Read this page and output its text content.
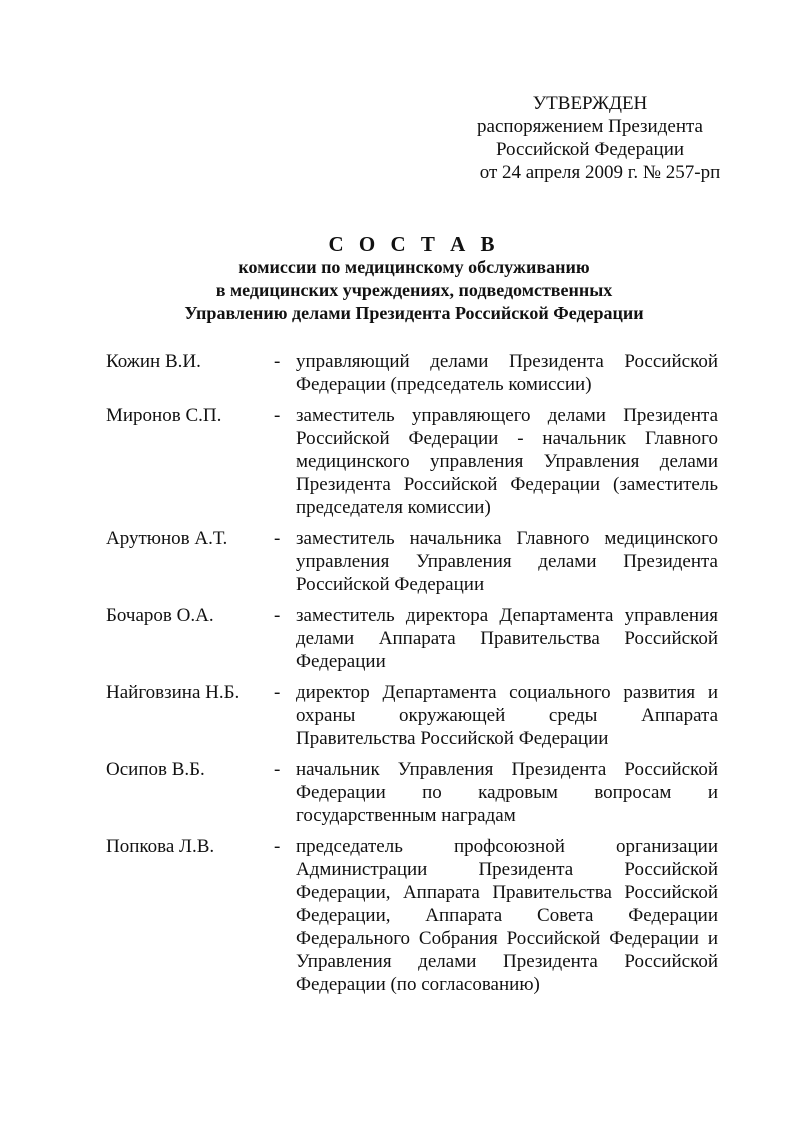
УТВЕРЖДЕН
распоряжением Президента
Российской Федерации
от 24 апреля 2009 г. № 257-рп
С О С Т А В
комиссии по медицинскому обслуживанию
в медицинских учреждениях, подведомственных
Управлению делами Президента Российской Федерации
Кожин В.И.	- управляющий делами Президента Российской Федерации (председатель комиссии)
Миронов С.П.	- заместитель управляющего делами Президента Российской Федерации - начальник Главного медицинского управления Управления делами Президента Российской Федерации (заместитель председателя комиссии)
Арутюнов А.Т.	- заместитель начальника Главного медицинского управления Управления делами Президента Российской Федерации
Бочаров О.А.	- заместитель директора Департамента управления делами Аппарата Правительства Российской Федерации
Найговзина Н.Б.	- директор Департамента социального развития и охраны окружающей среды Аппарата Правительства Российской Федерации
Осипов В.Б.	- начальник Управления Президента Российской Федерации по кадровым вопросам и государственным наградам
Попкова Л.В.	- председатель профсоюзной организации Администрации Президента Российской Федерации, Аппарата Правительства Российской Федерации, Аппарата Совета Федерации Федерального Собрания Российской Федерации и Управления делами Президента Российской Федерации (по согласованию)
